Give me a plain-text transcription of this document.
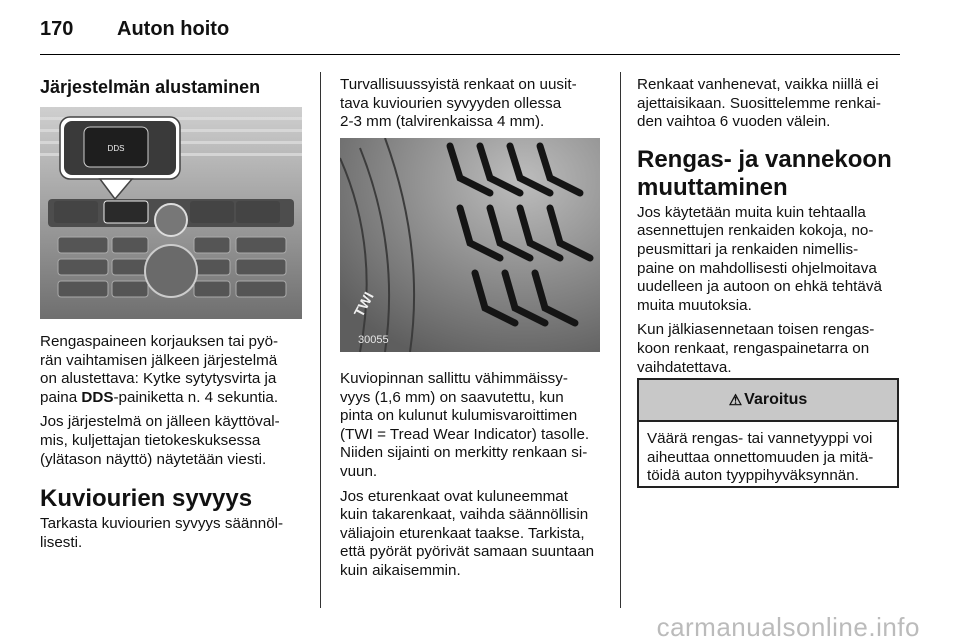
170 Auton hoito
Järjestelmän alustaminen
DDS

Rengaspaineen korjauksen tai pyö-
rän vaihtamisen jälkeen järjestelmä
on alustettava: Kytke sytytysvirta ja
paina DDS-painiketta n. 4 sekuntia.

Jos järjestelmä on jälleen käyttöval-
mis, kuljettajan tietokeskuksessa
(ylätason näyttö) näytetään viesti.

Kuviourien syvyys

Tarkasta kuviourien syvyys säännöl-
lisesti.

Turvallisuussyistä renkaat on uusit-
tava kuviourien syvyyden ollessa
2-3 mm (talvirenkaissa 4 mm).

30055
TWI

Kuviopinnan sallittu vähimmäissy-
vyys (1,6 mm) on saavutettu, kun
pinta on kulunut kulumisvaroittimen
(TWI = Tread Wear Indicator) tasolle.
Niiden sijainti on merkitty renkaan si-
vuun.

Jos eturenkaat ovat kuluneemmat
kuin takarenkaat, vaihda säännöllisin
väliajoin eturenkaat taakse. Tarkista,
että pyörät pyörivät samaan suuntaan
kuin aikaisemmin.

Renkaat vanhenevat, vaikka niillä ei
ajettaisikaan. Suosittelemme renkai-
den vaihtoa 6 vuoden välein.

Rengas- ja vannekoon
muuttaminen

Jos käytetään muita kuin tehtaalla
asennettujen renkaiden kokoja, no-
peusmittari ja renkaiden nimellis-
paine on mahdollisesti ohjelmoitava
uudelleen ja autoon on ehkä tehtävä
muita muutoksia.

Kun jälkiasennetaan toisen rengas-
koon renkaat, rengaspainetarra on
vaihdatettava.

⚠ Varoitus
Väärä rengas- tai vannetyyppi voi
aiheuttaa onnettomuuden ja mitä-
töidä auton tyyppihyväksynnän.
carmanualsonline.info
